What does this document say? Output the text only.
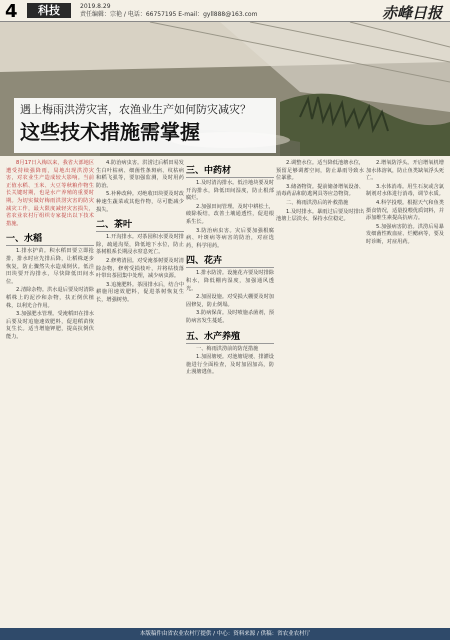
4	科技	2019.8.29
责任编辑：宗艳 / 电话：66757195 E-mail：gyll888@163.com	赤峰日报
遇上梅雨洪涝灾害，农渔业生产如何防灾减灾？
这些技术措施需掌握

8月17日入梅以来，我省大部地区遭受持续强降雨，局地出现洪涝灾害，对农业生产造成较大影响。当前正值水稻、玉米、大豆等秋粮作物生长关键时期，也是水产养殖的重要时期。为切实做好梅雨洪涝灾害的防灾减灾工作，最大限度减轻灾害损失，省农业农村厅组织专家提出以下技术措施。

一、水稻

1.排水护苗。积水稻田要立即抢排，排水时应先排后降，让稻株逐步恢复，防止骤然失水造成倒伏。低洼田块要开沟排水，尽快降低田间水位。

2.清除杂物。洪水退后要及时清除稻株上的泥沙和杂物，扶正倒伏植株，以利光合作用。

3.加强肥水管理。受淹稻田在排水后要及时追施速效肥料，促进稻苗恢复生长。适当增施钾肥，提高抗倒伏能力。

4.防治病虫害。洪涝过后稻田易发生白叶枯病、细菌性条斑病、纹枯病和稻飞虱等，要加强监测，及时用药防治。

5.补种改种。对绝收田块要及时改种速生蔬菜或其他作物，尽可能减少损失。

二、茶叶

1.开沟排水。对茶园积水要及时排除，疏通沟渠，降低地下水位，防止茶树根系长期浸水窒息死亡。

2.修剪清园。对受淹茶树要及时清除杂物，修剪受损枝叶，并将枯枝落叶带出茶园集中处理，减少病虫源。

3.追施肥料。茶园排水后，结合中耕施用速效肥料，促进茶树恢复生长，增强树势。

三、中药材

1.及时清沟排水。低洼地块要及时开沟排水，降低田间湿度，防止根部腐烂。

2.加强田间管理。及时中耕松土，破除板结，改善土壤通透性，促进根系生长。

3.防治病虫害。灾后要加强根腐病、叶斑病等病害的防治，对症选药，科学用药。

四、花卉

1.排水防涝。设施花卉要及时排除积水，降低棚内湿度，加强通风透光。

2.加固设施。对受损大棚要及时加固修复，防止倒塌。

3.防病保苗。及时喷施杀菌剂，预防病害发生蔓延。

五、水产养殖

一、梅雨洪涝前的防范措施

1.加固塘埂。对池塘堤埂、排灌设施进行全面检查，及时加固加高，防止漫塘逃鱼。

2.调整水位。适当降低池塘水位，预留足够调蓄空间，防止暴雨导致水位暴涨。

3.储备物资。提前储备增氧设备、消毒药品和防逃网具等应急物资。

二、梅雨洪涝后的补救措施

1.及时排水。暴雨过后要及时排出池塘上层淡水，保持水位稳定。

2.增氧防浮头。开启增氧机增加水体溶氧，防止鱼类缺氧浮头死亡。

3.水体消毒。用生石灰或含氯制剂对水体进行消毒，调节水质。

4.科学投喂。根据天气和鱼类摄食情况，适量投喂优质饲料，并添加维生素提高抗病力。

5.加强病害防治。洪涝后易暴发细菌性败血症、烂鳃病等，要及时诊断，对症用药。

本版稿件由省农业农村厅提供 / 中心：资料来源 / 供稿：省农业农村厅
